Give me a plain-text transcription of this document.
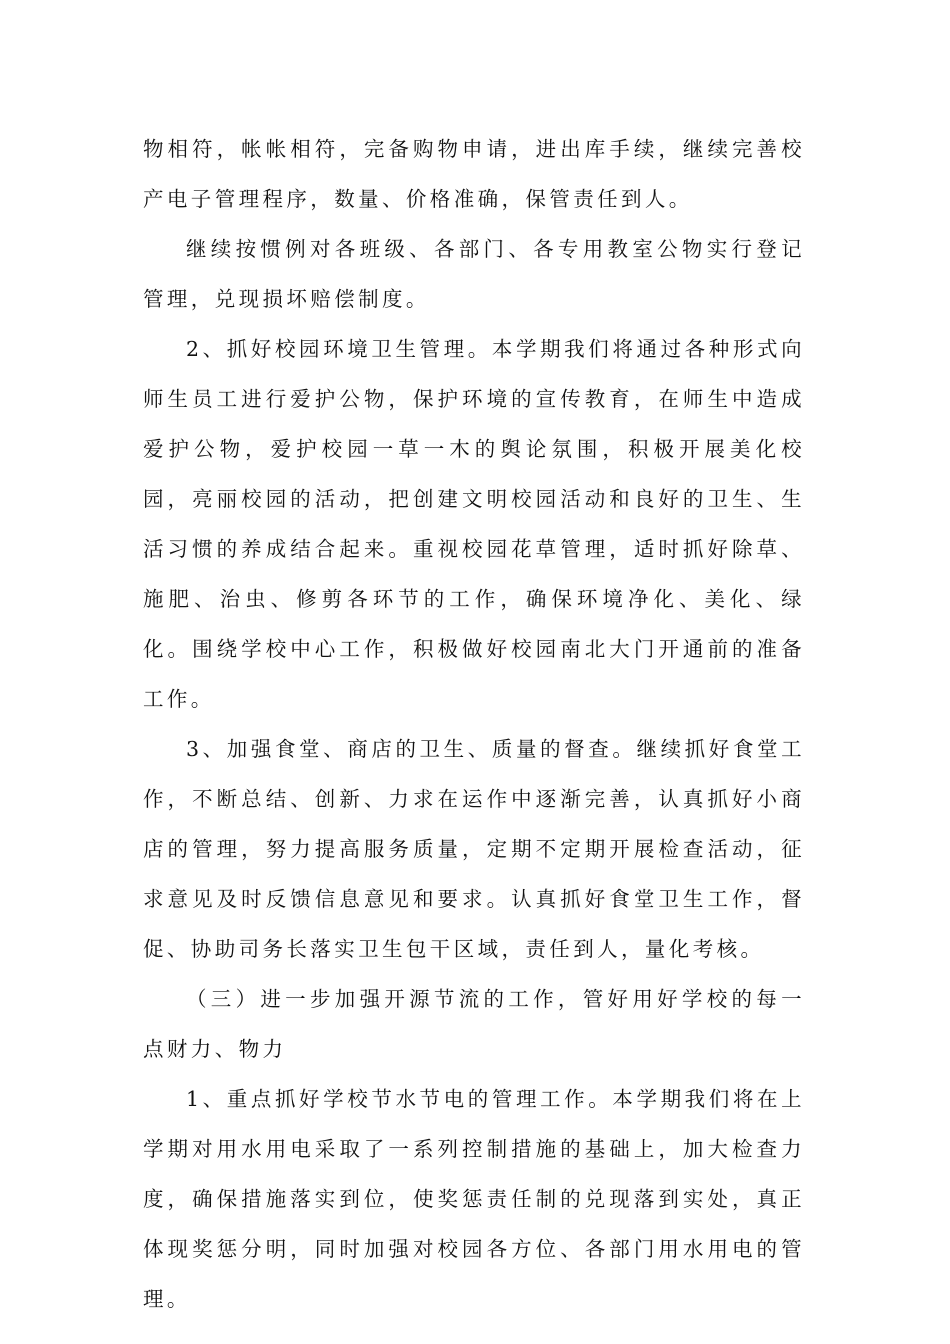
物相符，帐帐相符，完备购物申请，进出库手续，继续完善校产电子管理程序，数量、价格准确，保管责任到人。

继续按惯例对各班级、各部门、各专用教室公物实行登记管理，兑现损坏赔偿制度。

2、抓好校园环境卫生管理。本学期我们将通过各种形式向师生员工进行爱护公物，保护环境的宣传教育，在师生中造成爱护公物，爱护校园一草一木的舆论氛围，积极开展美化校园，亮丽校园的活动，把创建文明校园活动和良好的卫生、生活习惯的养成结合起来。重视校园花草管理，适时抓好除草、施肥、治虫、修剪各环节的工作，确保环境净化、美化、绿化。围绕学校中心工作，积极做好校园南北大门开通前的准备工作。

3、加强食堂、商店的卫生、质量的督查。继续抓好食堂工作，不断总结、创新、力求在运作中逐渐完善，认真抓好小商店的管理，努力提高服务质量，定期不定期开展检查活动，征求意见及时反馈信息意见和要求。认真抓好食堂卫生工作，督促、协助司务长落实卫生包干区域，责任到人，量化考核。

（三）进一步加强开源节流的工作，管好用好学校的每一点财力、物力

1、重点抓好学校节水节电的管理工作。本学期我们将在上学期对用水用电采取了一系列控制措施的基础上，加大检查力度，确保措施落实到位，使奖惩责任制的兑现落到实处，真正体现奖惩分明，同时加强对校园各方位、各部门用水用电的管理。
